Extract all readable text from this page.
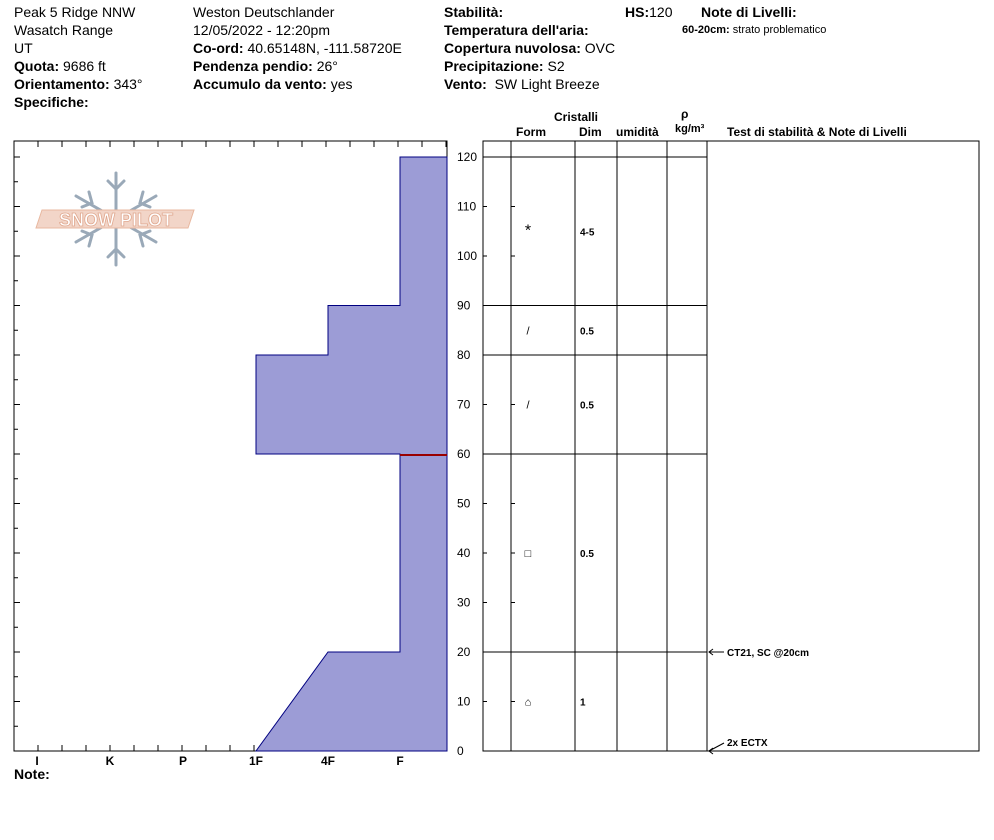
Peak 5 Ridge NNW
Wasatch Range
UT
Quota: 9686 ft
Orientamento: 343°
Specifiche:
Weston Deutschlander
12/05/2022 - 12:20pm
Co-ord: 40.65148N, -111.58720E
Pendenza pendio: 26°
Accumulo da vento: yes
Stabilità:
Temperatura dell'aria:
Copertura nuvolosa: OVC
Precipitazione: S2
Vento: SW Light Breeze
HS:120 Note di Livelli:
60-20cm: strato problematico
Cristalli
Form	Dim umidità
ρ
kg/m³ Test di stabilità & Note di Livelli
Note:
SNOW PILOT
0
10
20
30
40
50
60
70
80
90
100
110
120
I	K	P	1F	4F	F
*	4-5
/	0.5
/	0.5
□	0.5
⌂	1
CT21, SC @20cm
2x ECTX
